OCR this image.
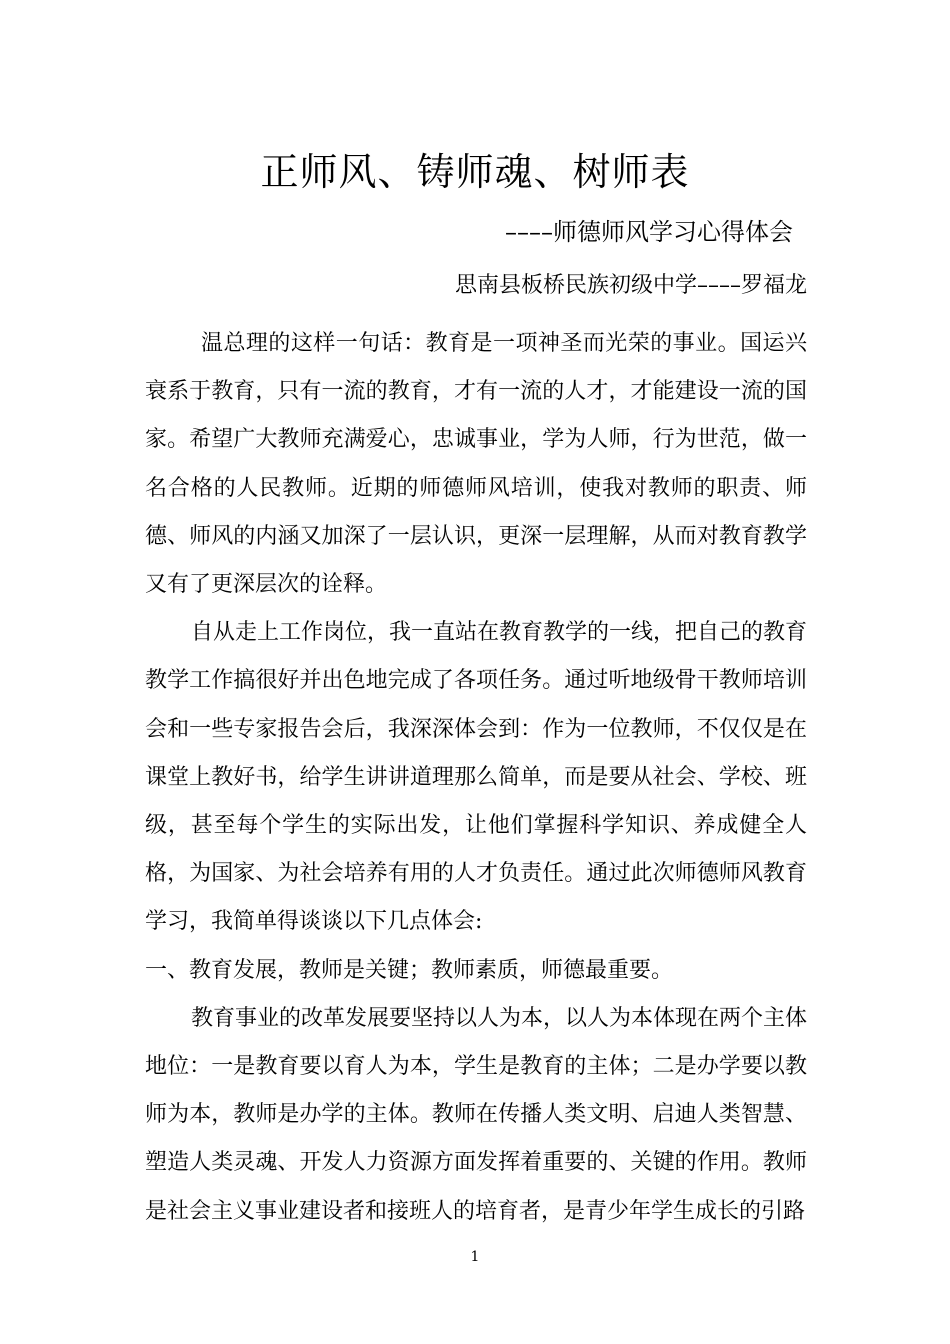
正师风、铸师魂、树师表
––––师德师风学习心得体会
思南县板桥民族初级中学––––罗福龙

温总理的这样一句话：教育是一项神圣而光荣的事业。国运兴衰系于教育，只有一流的教育，才有一流的人才，才能建设一流的国家。希望广大教师充满爱心，忠诚事业，学为人师，行为世范，做一名合格的人民教师。近期的师德师风培训，使我对教师的职责、师德、师风的内涵又加深了一层认识，更深一层理解，从而对教育教学又有了更深层次的诠释。

自从走上工作岗位，我一直站在教育教学的一线，把自己的教育教学工作搞很好并出色地完成了各项任务。通过听地级骨干教师培训会和一些专家报告会后，我深深体会到：作为一位教师，不仅仅是在课堂上教好书，给学生讲讲道理那么简单，而是要从社会、学校、班级，甚至每个学生的实际出发，让他们掌握科学知识、养成健全人格，为国家、为社会培养有用的人才负责任。通过此次师德师风教育学习，我简单得谈谈以下几点体会:

一、教育发展，教师是关键；教师素质，师德最重要。

教育事业的改革发展要坚持以人为本，以人为本体现在两个主体地位：一是教育要以育人为本，学生是教育的主体；二是办学要以教师为本，教师是办学的主体。教师在传播人类文明、启迪人类智慧、塑造人类灵魂、开发人力资源方面发挥着重要的、关键的作用。教师是社会主义事业建设者和接班人的培育者，是青少年学生成长的引路

1
